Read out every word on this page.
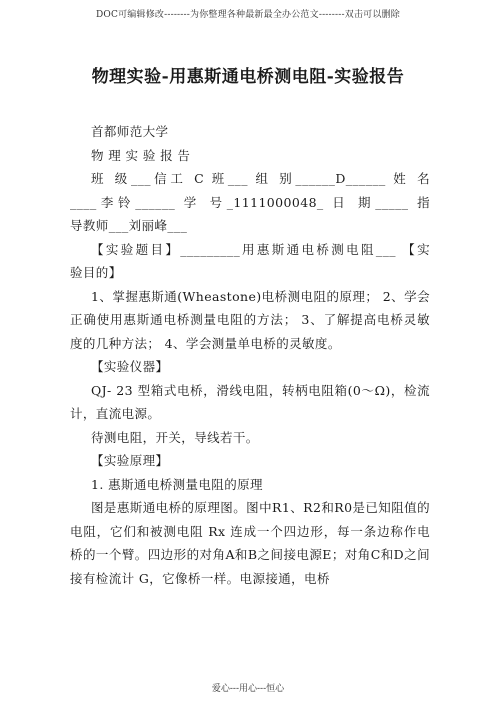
DOC可编辑修改--------为你整理各种最新最全办公范文--------双击可以删除
物理实验-用惠斯通电桥测电阻-实验报告

首都师范大学

物 理 实 验 报 告

班 级___信工 C 班___ 组 别______D______ 姓 名

____李铃______ 学 号_1111000048_ 日 期_____ 指

导教师___刘丽峰___

【实验题目】_________用惠斯通电桥测电阻___ 【实

验目的】

1、掌握惠斯通(Wheastone)电桥测电阻的原理； 2、学会正确使用惠斯通电桥测量电阻的方法； 3、了解提高电桥灵敏度的几种方法； 4、学会测量单电桥的灵敏度。

【实验仪器】

QJ- 23 型箱式电桥，滑线电阻，转柄电阻箱(0～Ω)，检流计，直流电源。

待测电阻，开关，导线若干。

【实验原理】

1. 惠斯通电桥测量电阻的原理

图是惠斯通电桥的原理图。图中R1、R2和R0是已知阻值的电阻，它们和被测电阻 Rx 连成一个四边形，每一条边称作电桥的一个臂。四边形的对角A和B之间接电源E；对角C和D之间接有检流计 G，它像桥一样。电源接通，电桥

爱心---用心---恒心
